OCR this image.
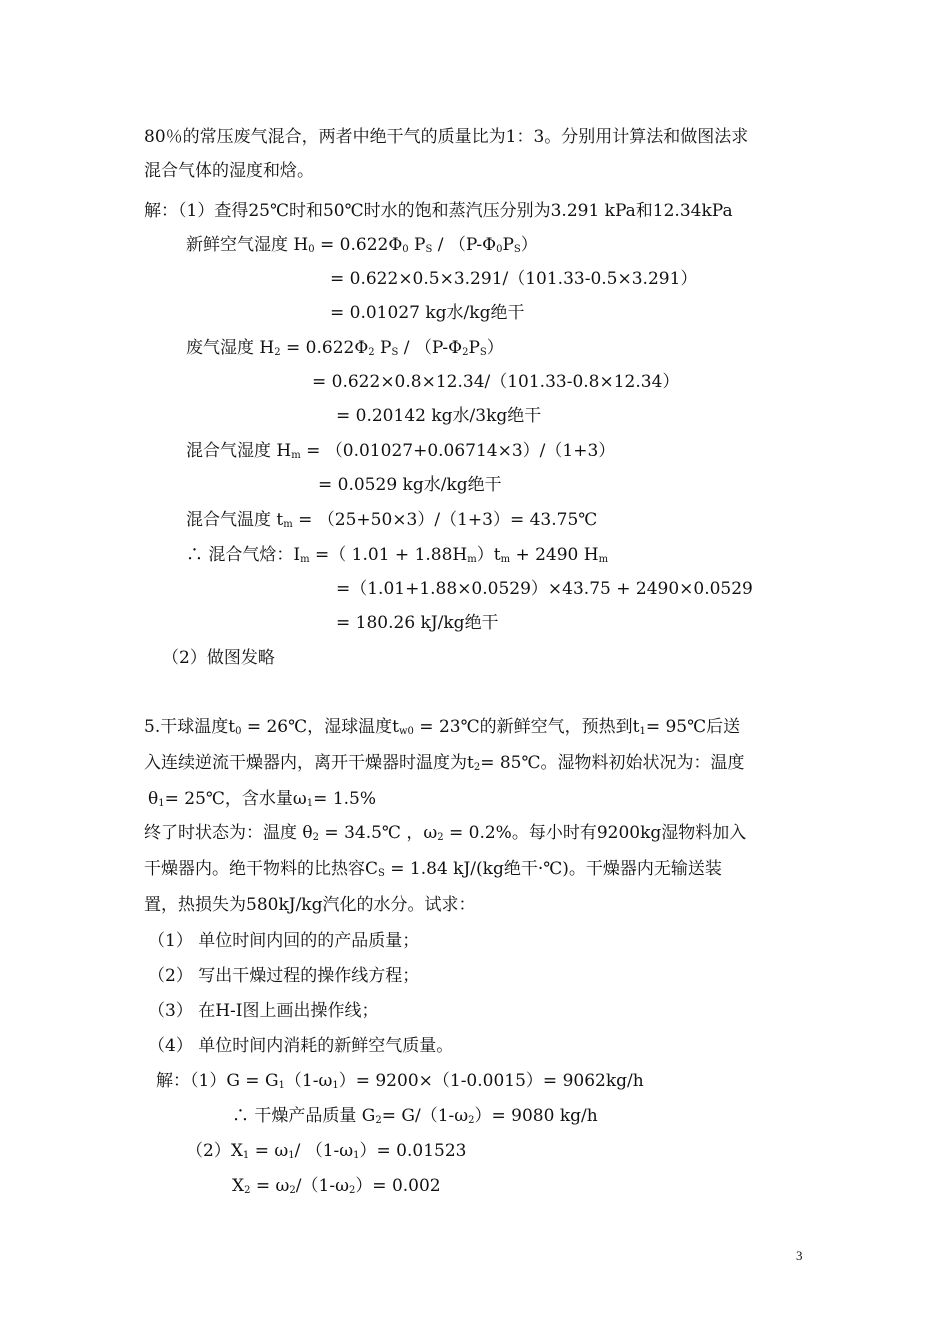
80％的常压废气混合，两者中绝干气的质量比为1：3。分别用计算法和做图法求
混合气体的湿度和焓。
解：（1）查得25℃时和50℃时水的饱和蒸汽压分别为3.291 kPa和12.34kPa
新鲜空气湿度 $H_0 = 0.622\Phi_0$ $P_S / (P-\Phi_0P_S)$
= 0.622×0.5×3.291/（101.33-0.5×3.291）
= 0.01027 kg水/kg绝干
废气湿度 $H_2 = 0.622\Phi_2$ $P_S / (P-\Phi_2P_S)$
= 0.622×0.8×12.34/（101.33-0.8×12.34）
= 0.20142 kg水/3kg绝干
混合气湿度 $H_m = (0.01027+0.06714\times 3)/(1+3)$
= 0.0529 kg水/kg绝干
混合气温度 $t_m = (25+50\times 3)/(1+3)=$ 43.75℃
∴ 混合气焓：$I_m$ =（ $1.01 + 1.88H_m)t_m + 2490$ $H_m$
=（1.01+1.88×0.0529）×43.75 + 2490×0.0529
= 180.26 kJ/kg绝干
（2）做图发略
5.干球温度$t_0$ = 26℃，湿球温度$t_{w0}$ = 23℃的新鲜空气，预热到$t_1=$ 95℃后送
入连续逆流干燥器内，离开干燥器时温度为$t_2=$ 85℃。湿物料初始状况为：温度
$\theta_1=$ 25℃，含水量$\omega_1= 1.5\%$
终了时状态为：温度 $\theta_2$ = 34.5℃ ，$\omega_2 = 0.2\%$。每小时有9200kg湿物料加入
干燥器内。绝干物料的比热容$C_S = 1.84$ kJ/(kg绝干·℃)。干燥器内无输送装
置，热损失为580kJ/kg汽化的水分。试求：
（1） 单位时间内回的的产品质量；
（2） 写出干燥过程的操作线方程；
（3） 在H-I图上画出操作线；
（4） 单位时间内消耗的新鲜空气质量。
解：$(1)G = G_1(1-\omega_1)= 9200\times(1-0.0015)= 9062kg/h$
∴ 干燥产品质量 $G_2= G/(1-\omega_2)= 9080$ kg/h
$(2)X_1 = \omega_1/$ $(1-\omega_1)= 0.01523$
$X_2 = \omega_2/(1-\omega_2)= 0.002$
3
